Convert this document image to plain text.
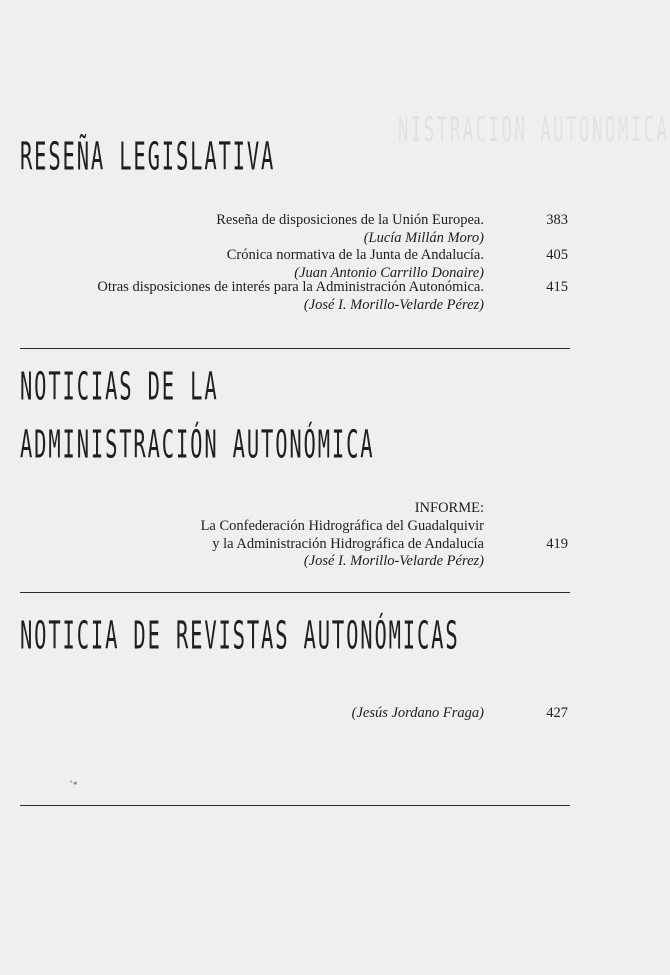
NISTRACION AUTONOMICA
RESEÑA LEGISLATIVA
Reseña de disposiciones de la Unión Europea.	383
(Lucía Millán Moro)
Crónica normativa de la Junta de Andalucía.	405
(Juan Antonio Carrillo Donaire)
Otras disposiciones de interés para la Administración Autonómica.	415
(José I. Morillo-Velarde Pérez)
NOTICIAS DE LA
ADMINISTRACIÓN AUTONÓMICA
INFORME:
La Confederación Hidrográfica del Guadalquivir
y la Administración Hidrográfica de Andalucía	419
(José I. Morillo-Velarde Pérez)
NOTICIA DE REVISTAS AUTONÓMICAS
(Jesús Jordano Fraga)	427
ﾟ*
